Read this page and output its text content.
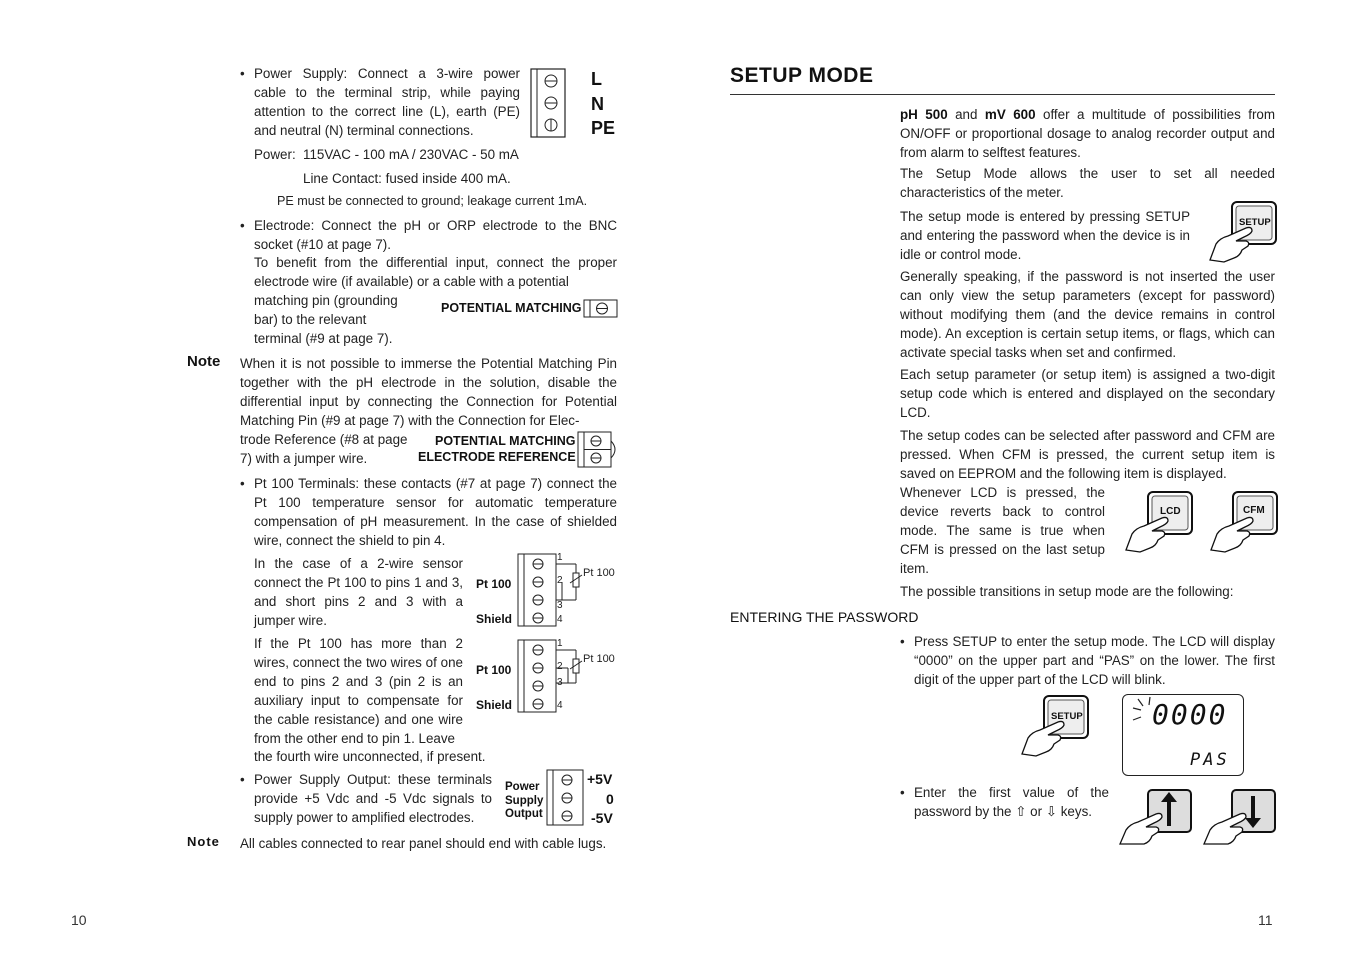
• Power Supply: Connect a 3-wire power cable to the terminal strip, while paying attention to the correct line (L), earth (PE) and neutral (N) terminal connections.
L
N
PE
Power: 115VAC - 100 mA / 230VAC - 50 mA
Line Contact: fused inside 400 mA.
PE must be connected to ground; leakage current 1mA.
• Electrode: Connect the pH or ORP electrode to the BNC socket (#10 at page 7).
To benefit from the differential input, connect the proper electrode wire (if available) or a cable with a potential
matching pin (grounding bar) to the relevant terminal (#9 at page 7).
POTENTIAL MATCHING
Note When it is not possible to immerse the Potential Matching Pin together with the pH electrode in the solution, disable the differential input by connecting the Connection for Potential Matching Pin (#9 at page 7) with the Connection for Elec-
trode Reference (#8 at page 7) with a jumper wire.
POTENTIAL MATCHING
ELECTRODE REFERENCE
• Pt 100 Terminals: these contacts (#7 at page 7) connect the Pt 100 temperature sensor for automatic temperature compensation of pH measurement. In the case of shielded wire, connect the shield to pin 4.
In the case of a 2-wire sensor connect the Pt 100 to pins 1 and 3, and short pins 2 and 3 with a jumper wire.
Pt 100
Shield
1
2
3
4
Pt 100
If the Pt 100 has more than 2 wires, connect the two wires of one end to pins 2 and 3 (pin 2 is an auxiliary input to compensate for the cable resistance) and one wire from the other end to pin 1. Leave
the fourth wire unconnected, if present.
Pt 100
Shield
1
2
3
4
Pt 100
• Power Supply Output: these terminals provide +5 Vdc and -5 Vdc signals to supply power to amplified electrodes.
Power
Supply
Output
+5V
0
-5V
Note All cables connected to rear panel should end with cable lugs.
10
SETUP MODE
pH 500 and mV 600 offer a multitude of possibilities from ON/OFF or proportional dosage to analog recorder output and from alarm to selftest features.
The Setup Mode allows the user to set all needed characteristics of the meter.
The setup mode is entered by pressing SETUP and entering the password when the device is in idle or control mode.
SETUP
Generally speaking, if the password is not inserted the user can only view the setup parameters (except for password) without modifying them (and the device remains in control mode). An exception is certain setup items, or flags, which can activate special tasks when set and confirmed.
Each setup parameter (or setup item) is assigned a two-digit setup code which is entered and displayed on the secondary LCD.
The setup codes can be selected after password and CFM are pressed. When CFM is pressed, the current setup item is saved on EEPROM and the following item is displayed.
Whenever LCD is pressed, the device reverts back to control mode. The same is true when CFM is pressed on the last setup item.
LCD	CFM
The possible transitions in setup mode are the following:
ENTERING THE PASSWORD
• Press SETUP to enter the setup mode. The LCD will display “0000” on the upper part and “PAS” on the lower. The first digit of the upper part of the LCD will blink.
SETUP 0000
PAS
• Enter the first value of the password by the ⇧ or ⇩ keys.
11
